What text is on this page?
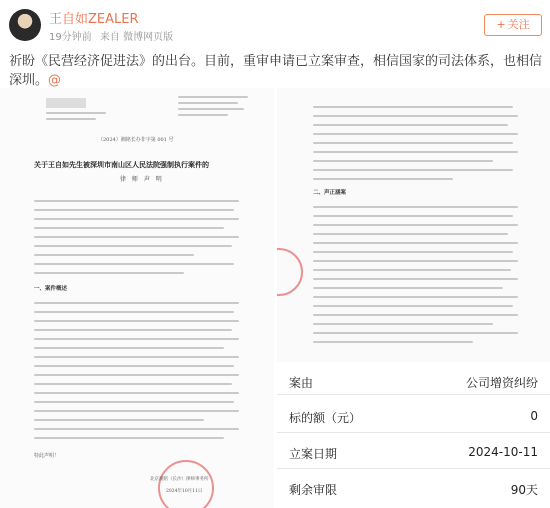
王自如ZEALER
19分钟前 来自 微博网页版
+ 关注
祈盼《民营经济促进法》的出台。目前，重审申请已立案审查，相信国家的司法体系，也相信深圳。@

（2024）湘铭长办非字第 001 号
关于王自如先生被深圳市南山区人民法院强制执行案件的
律 师 声 明
一、案件概述
特此声明！
北京湘铭（长沙）律师事务所
2024年10月11日
二、声正涵案
案由	公司增资纠纷
标的额（元）	0
立案日期	2024-10-11
剩余审限	90天
